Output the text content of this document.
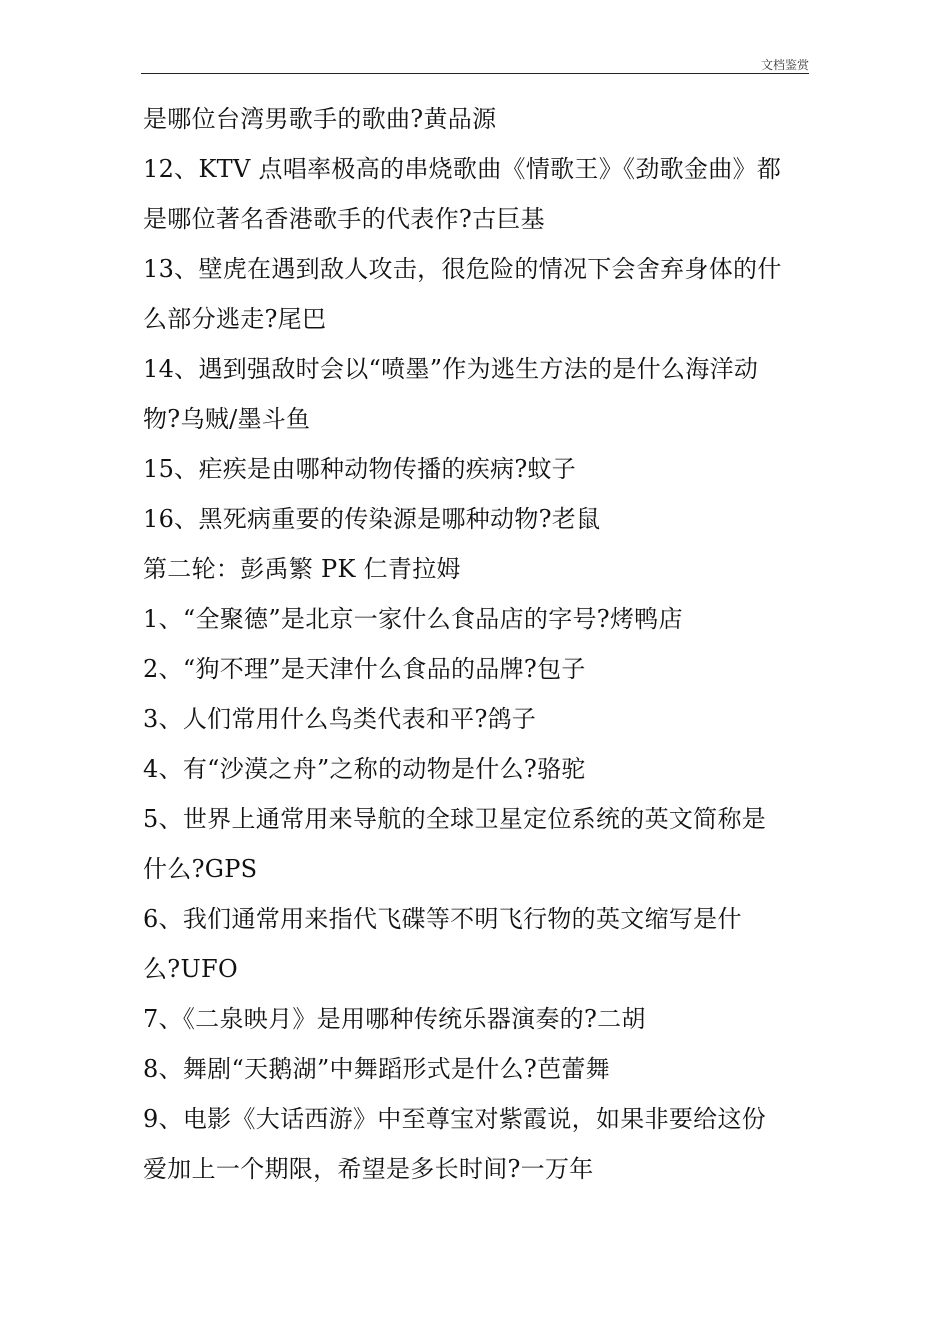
文档鉴赏
是哪位台湾男歌手的歌曲?黄品源
12、KTV 点唱率极高的串烧歌曲《情歌王》《劲歌金曲》都
是哪位著名香港歌手的代表作?古巨基
13、壁虎在遇到敌人攻击，很危险的情况下会舍弃身体的什
么部分逃走?尾巴
14、遇到强敌时会以“喷墨”作为逃生方法的是什么海洋动
物?乌贼/墨斗鱼
15、疟疾是由哪种动物传播的疾病?蚊子
16、黑死病重要的传染源是哪种动物?老鼠
第二轮：彭禹繁 PK 仁青拉姆
1、“全聚德”是北京一家什么食品店的字号?烤鸭店
2、“狗不理”是天津什么食品的品牌?包子
3、人们常用什么鸟类代表和平?鸽子
4、有“沙漠之舟”之称的动物是什么?骆驼
5、世界上通常用来导航的全球卫星定位系统的英文简称是
什么?GPS
6、我们通常用来指代飞碟等不明飞行物的英文缩写是什
么?UFO
7、《二泉映月》是用哪种传统乐器演奏的?二胡
8、舞剧“天鹅湖”中舞蹈形式是什么?芭蕾舞
9、电影《大话西游》中至尊宝对紫霞说，如果非要给这份
爱加上一个期限，希望是多长时间?一万年
